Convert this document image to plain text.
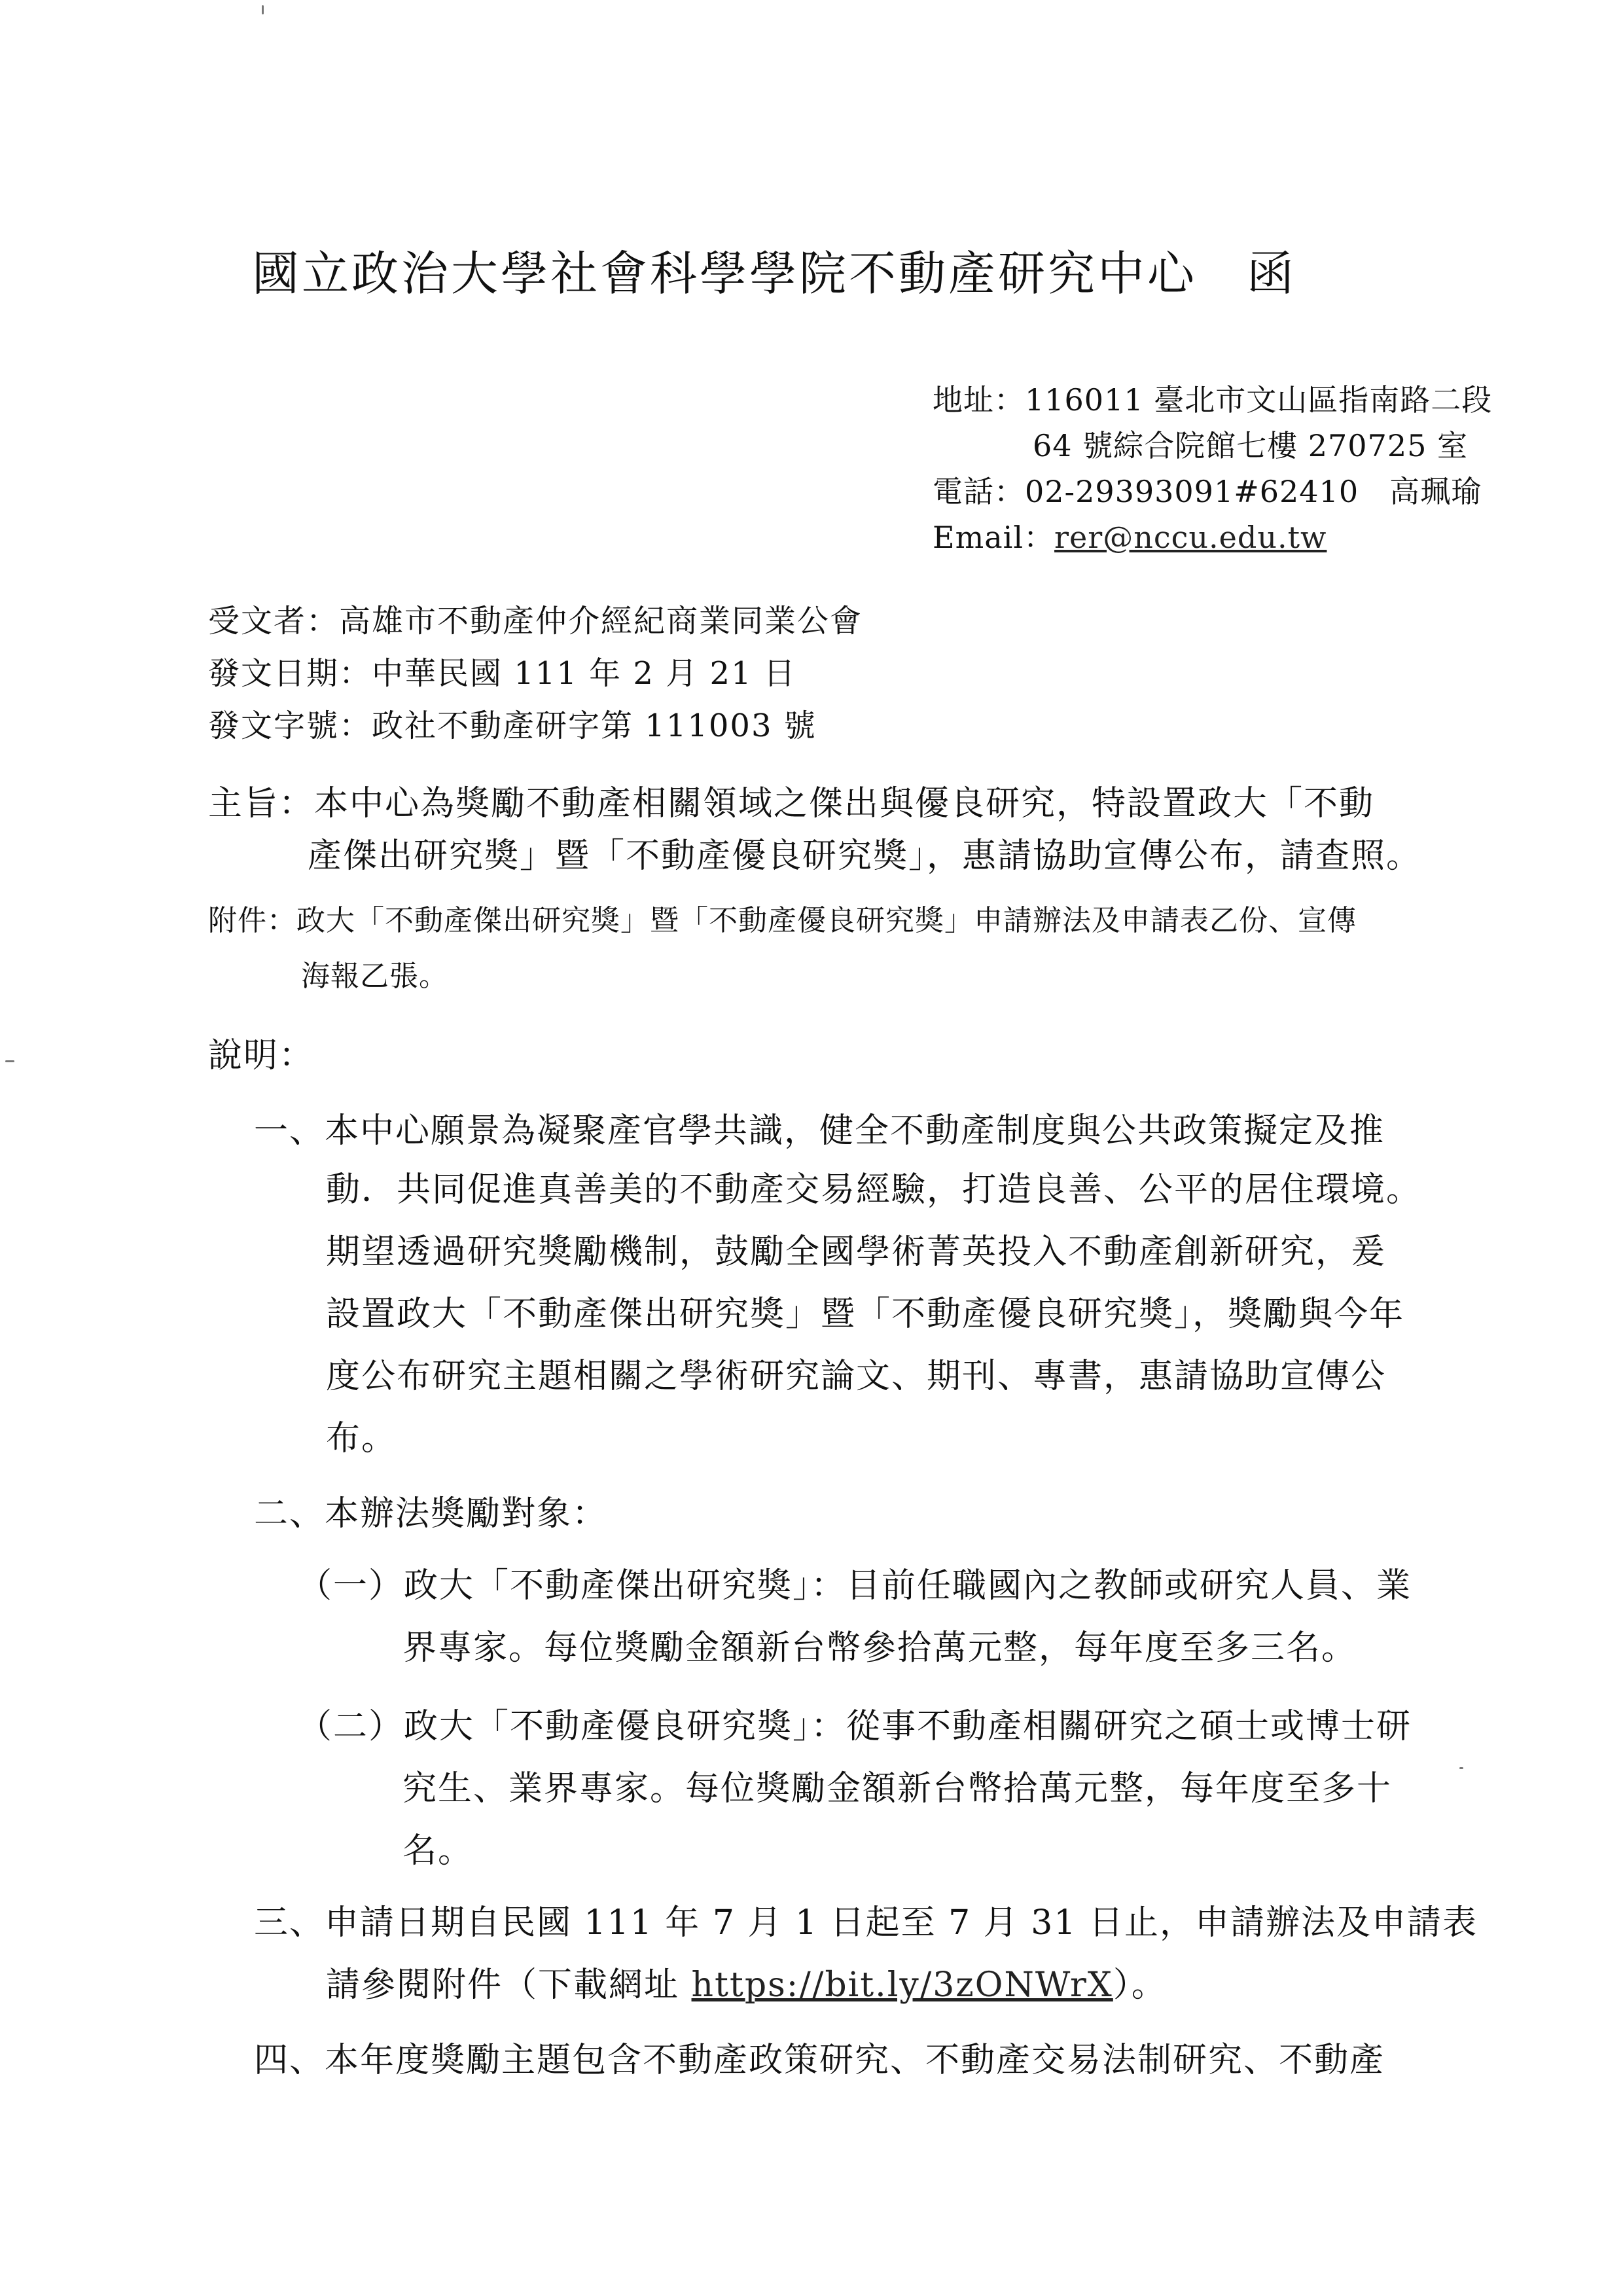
國立政治大學社會科學學院不動產研究中心　函
地址：116011 臺北市文山區指南路二段
64 號綜合院館七樓 270725 室
電話：02-29393091#62410　高珮瑜
Email：rer@nccu.edu.tw
受文者：高雄市不動產仲介經紀商業同業公會
發文日期：中華民國 111 年 2 月 21 日
發文字號：政社不動產研字第 111003 號
主旨：本中心為獎勵不動產相關領域之傑出與優良研究，特設置政大「不動
產傑出研究獎」暨「不動產優良研究獎」，惠請協助宣傳公布，請查照。
附件：政大「不動產傑出研究獎」暨「不動產優良研究獎」申請辦法及申請表乙份、宣傳
海報乙張。
說明：
一、本中心願景為凝聚產官學共識，健全不動產制度與公共政策擬定及推
動．共同促進真善美的不動產交易經驗，打造良善、公平的居住環境。
期望透過研究獎勵機制，鼓勵全國學術菁英投入不動產創新研究，爰
設置政大「不動產傑出研究獎」暨「不動產優良研究獎」，獎勵與今年
度公布研究主題相關之學術研究論文、期刊、專書，惠請協助宣傳公
布。
二、本辦法獎勵對象：
（一）政大「不動產傑出研究獎」：目前任職國內之教師或研究人員、業
界專家。每位獎勵金額新台幣參拾萬元整，每年度至多三名。
（二）政大「不動產優良研究獎」：從事不動產相關研究之碩士或博士研
究生、業界專家。每位獎勵金額新台幣拾萬元整，每年度至多十
名。
三、申請日期自民國 111 年 7 月 1 日起至 7 月 31 日止，申請辦法及申請表
請參閱附件（下載網址 https://bit.ly/3zONWrX）。
四、本年度獎勵主題包含不動產政策研究、不動產交易法制研究、不動產
